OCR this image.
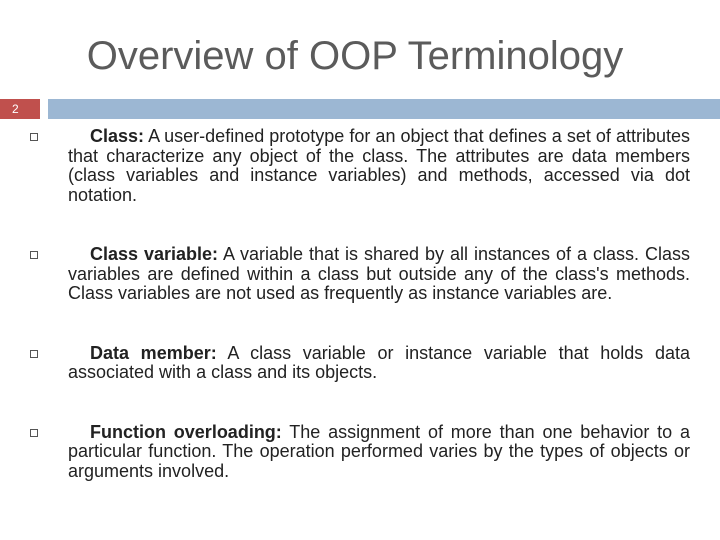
Overview of OOP Terminology
2
Class: A user-defined prototype for an object that defines a set of attributes that characterize any object of the class. The attributes are data members (class variables and instance variables) and methods, accessed via dot notation.
Class variable: A variable that is shared by all instances of a class. Class variables are defined within a class but outside any of the class's methods. Class variables are not used as frequently as instance variables are.
Data member: A class variable or instance variable that holds data associated with a class and its objects.
Function overloading: The assignment of more than one behavior to a particular function. The operation performed varies by the types of objects or arguments involved.
